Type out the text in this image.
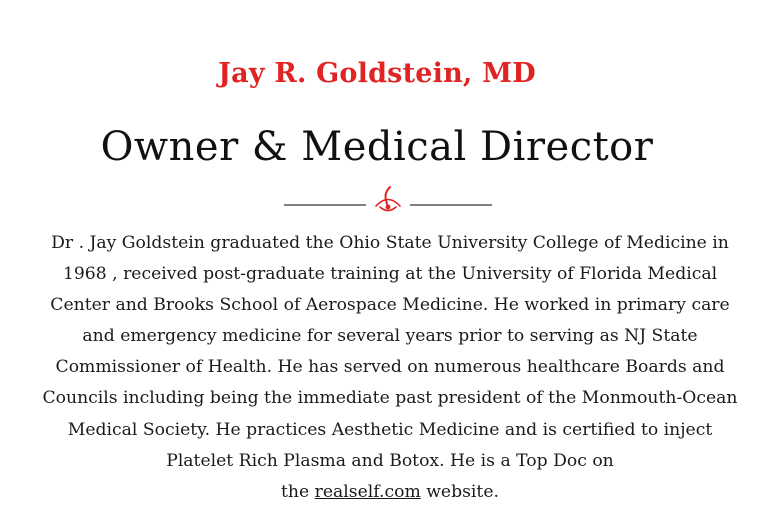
Jay R. Goldstein, MD
Owner & Medical Director
Dr . Jay Goldstein graduated the Ohio State University College of Medicine in 1968 , received post-graduate training at the University of Florida Medical Center and Brooks School of Aerospace Medicine. He worked in primary care and emergency medicine for several years prior to serving as NJ State Commissioner of Health. He has served on numerous healthcare Boards and Councils including being the immediate past president of the Monmouth-Ocean Medical Society. He practices Aesthetic Medicine and is certified to inject Platelet Rich Plasma and Botox. He is a Top Doc on
the realself.com website.
